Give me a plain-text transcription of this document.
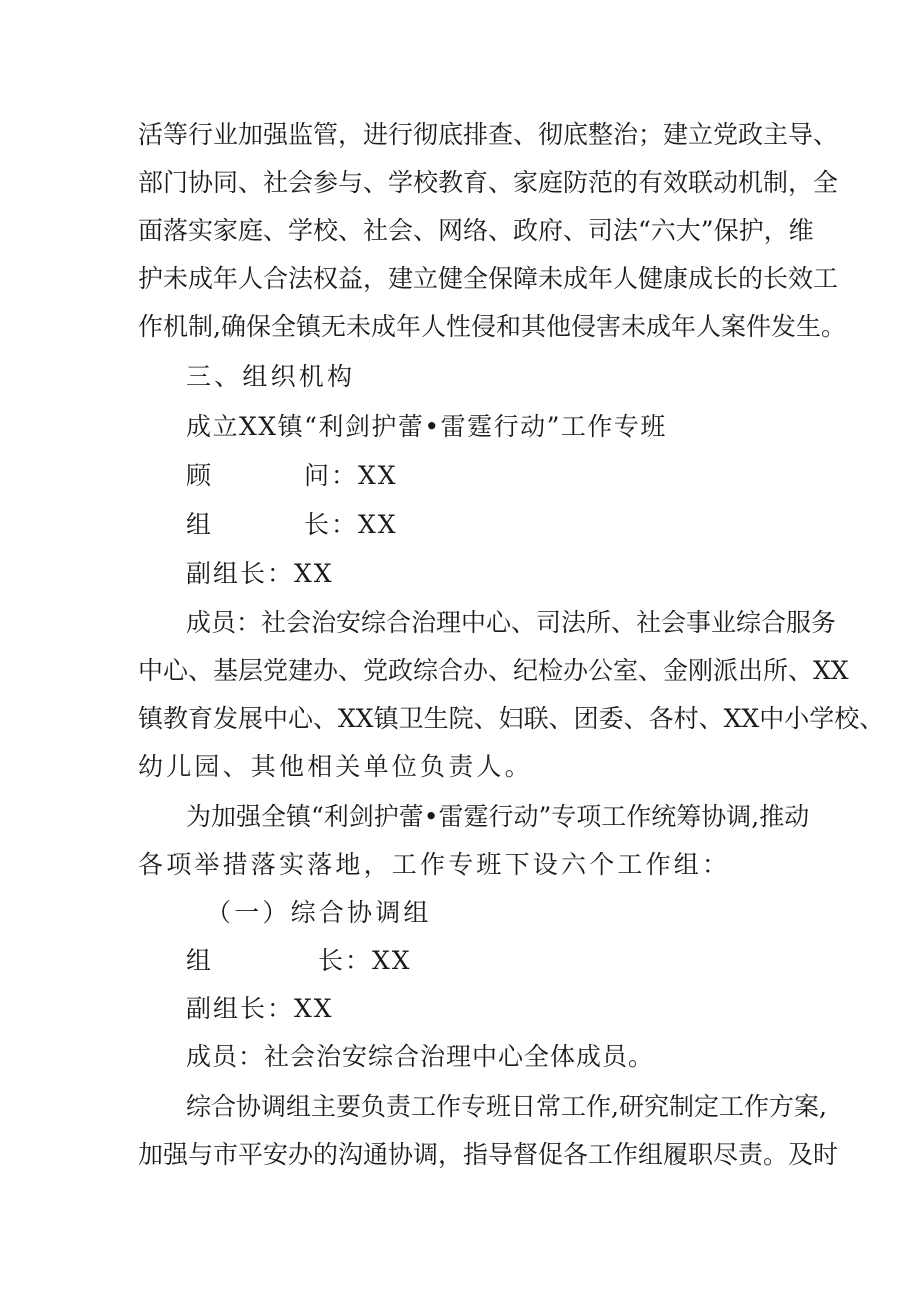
活等行业加强监管，进行彻底排查、彻底整治；建立党政主导、
部门协同、社会参与、学校教育、家庭防范的有效联动机制，全
面落实家庭、学校、社会、网络、政府、司法“六大”保护，维
护未成年人合法权益，建立健全保障未成年人健康成长的长效工
作机制,确保全镇无未成年人性侵和其他侵害未成年人案件发生。
三、组织机构
成立XX镇“利剑护蕾•雷霆行动”工作专班
顾	问：XX
组	长：XX
副组长：XX
成员：社会治安综合治理中心、司法所、社会事业综合服务
中心、基层党建办、党政综合办、纪检办公室、金刚派出所、XX
镇教育发展中心、XX镇卫生院、妇联、团委、各村、XX中小学校、
幼儿园、其他相关单位负责人。
为加强全镇“利剑护蕾•雷霆行动”专项工作统筹协调,推动
各项举措落实落地，工作专班下设六个工作组：
（一）综合协调组
组	长：XX
副组长：XX
成员：社会治安综合治理中心全体成员。
综合协调组主要负责工作专班日常工作,研究制定工作方案,
加强与市平安办的沟通协调，指导督促各工作组履职尽责。及时
